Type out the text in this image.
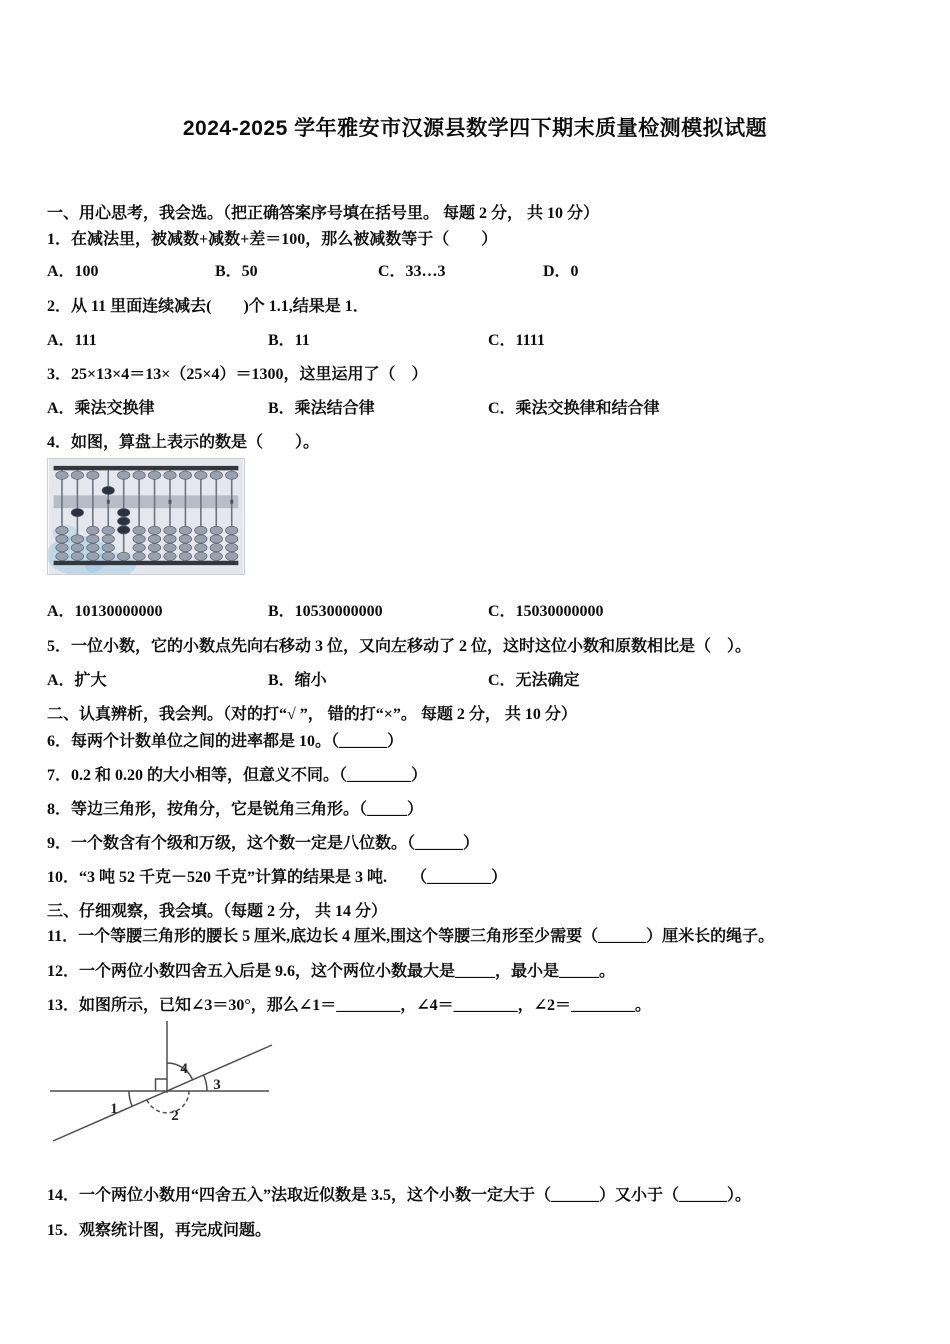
2024-2025 学年雅安市汉源县数学四下期末质量检测模拟试题
一、用心思考，我会选。（把正确答案序号填在括号里。 每题 2 分， 共 10 分）
1．在减法里，被减数+减数+差＝100，那么被减数等于（　　）
A．100	B．50	C．33…3	D．0
2．从 11 里面连续减去(　　)个 1.1,结果是 1．
A．111	B．11	C．1111
3．25×13×4＝13×（25×4）＝1300，这里运用了（　）
A．乘法交换律	B．乘法结合律	C．乘法交换律和结合律
4．如图，算盘上表示的数是（　　）。
A．10130000000	B．10530000000	C．15030000000
5．一位小数，它的小数点先向右移动 3 位，又向左移动了 2 位，这时这位小数和原数相比是（　）。
A．扩大	B．缩小	C．无法确定
二、认真辨析，我会判。（对的打“√ ”， 错的打“×”。 每题 2 分， 共 10 分）
6．每两个计数单位之间的进率都是 10。（______）
7．0.2 和 0.20 的大小相等，但意义不同。（________）
8．等边三角形，按角分，它是锐角三角形。（_____）
9．一个数含有个级和万级，这个数一定是八位数。（______）
10．“3 吨 52 千克－520 千克”计算的结果是 3 吨.　　（________）
三、仔细观察，我会填。（每题 2 分， 共 14 分）
11．一个等腰三角形的腰长 5 厘米,底边长 4 厘米,围这个等腰三角形至少需要（______）厘米长的绳子。
12．一个两位小数四舍五入后是 9.6，这个两位小数最大是_____，最小是_____。
13．如图所示，已知∠3＝30°，那么∠1＝________，∠4＝________，∠2＝________。
1	2
3
4
14．一个两位小数用“四舍五入”法取近似数是 3.5，这个小数一定大于（______）又小于（______）。
15．观察统计图，再完成问题。
